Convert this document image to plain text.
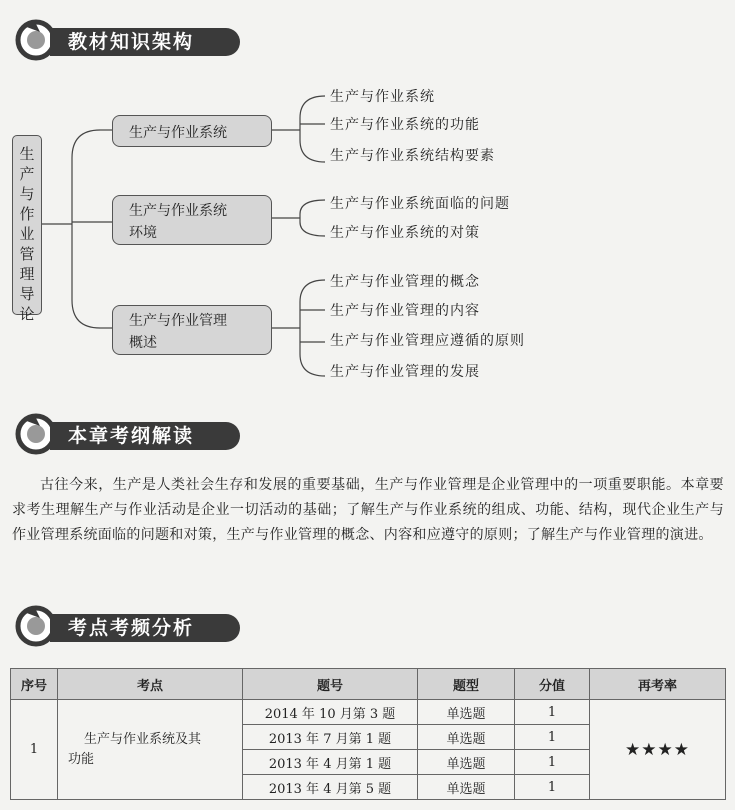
教材知识架构
本章考纲解读
考点考频分析
生产与作业管理导论
生产与作业系统
生产与作业系统
环境
生产与作业管理
概述
生产与作业系统
生产与作业系统的功能
生产与作业系统结构要素
生产与作业系统面临的问题
生产与作业系统的对策
生产与作业管理的概念
生产与作业管理的内容
生产与作业管理应遵循的原则
生产与作业管理的发展
古往今来，生产是人类社会生存和发展的重要基础，生产与作业管理是企业管理中的一项重要职能。本章要求考生理解生产与作业活动是企业一切活动的基础；了解生产与作业系统的组成、功能、结构，现代企业生产与作业管理系统面临的问题和对策，生产与作业管理的概念、内容和应遵守的原则；了解生产与作业管理的演进。
序号	考点	题号	题型	分值	再考率
1	生产与作业系统及其
功能	2014 年 10 月第 3 题	单选题	1	★★★★
		2013 年 7 月第 1 题	单选题	1	
		2013 年 4 月第 1 题	单选题	1	
		2013 年 4 月第 5 题	单选题	1	
